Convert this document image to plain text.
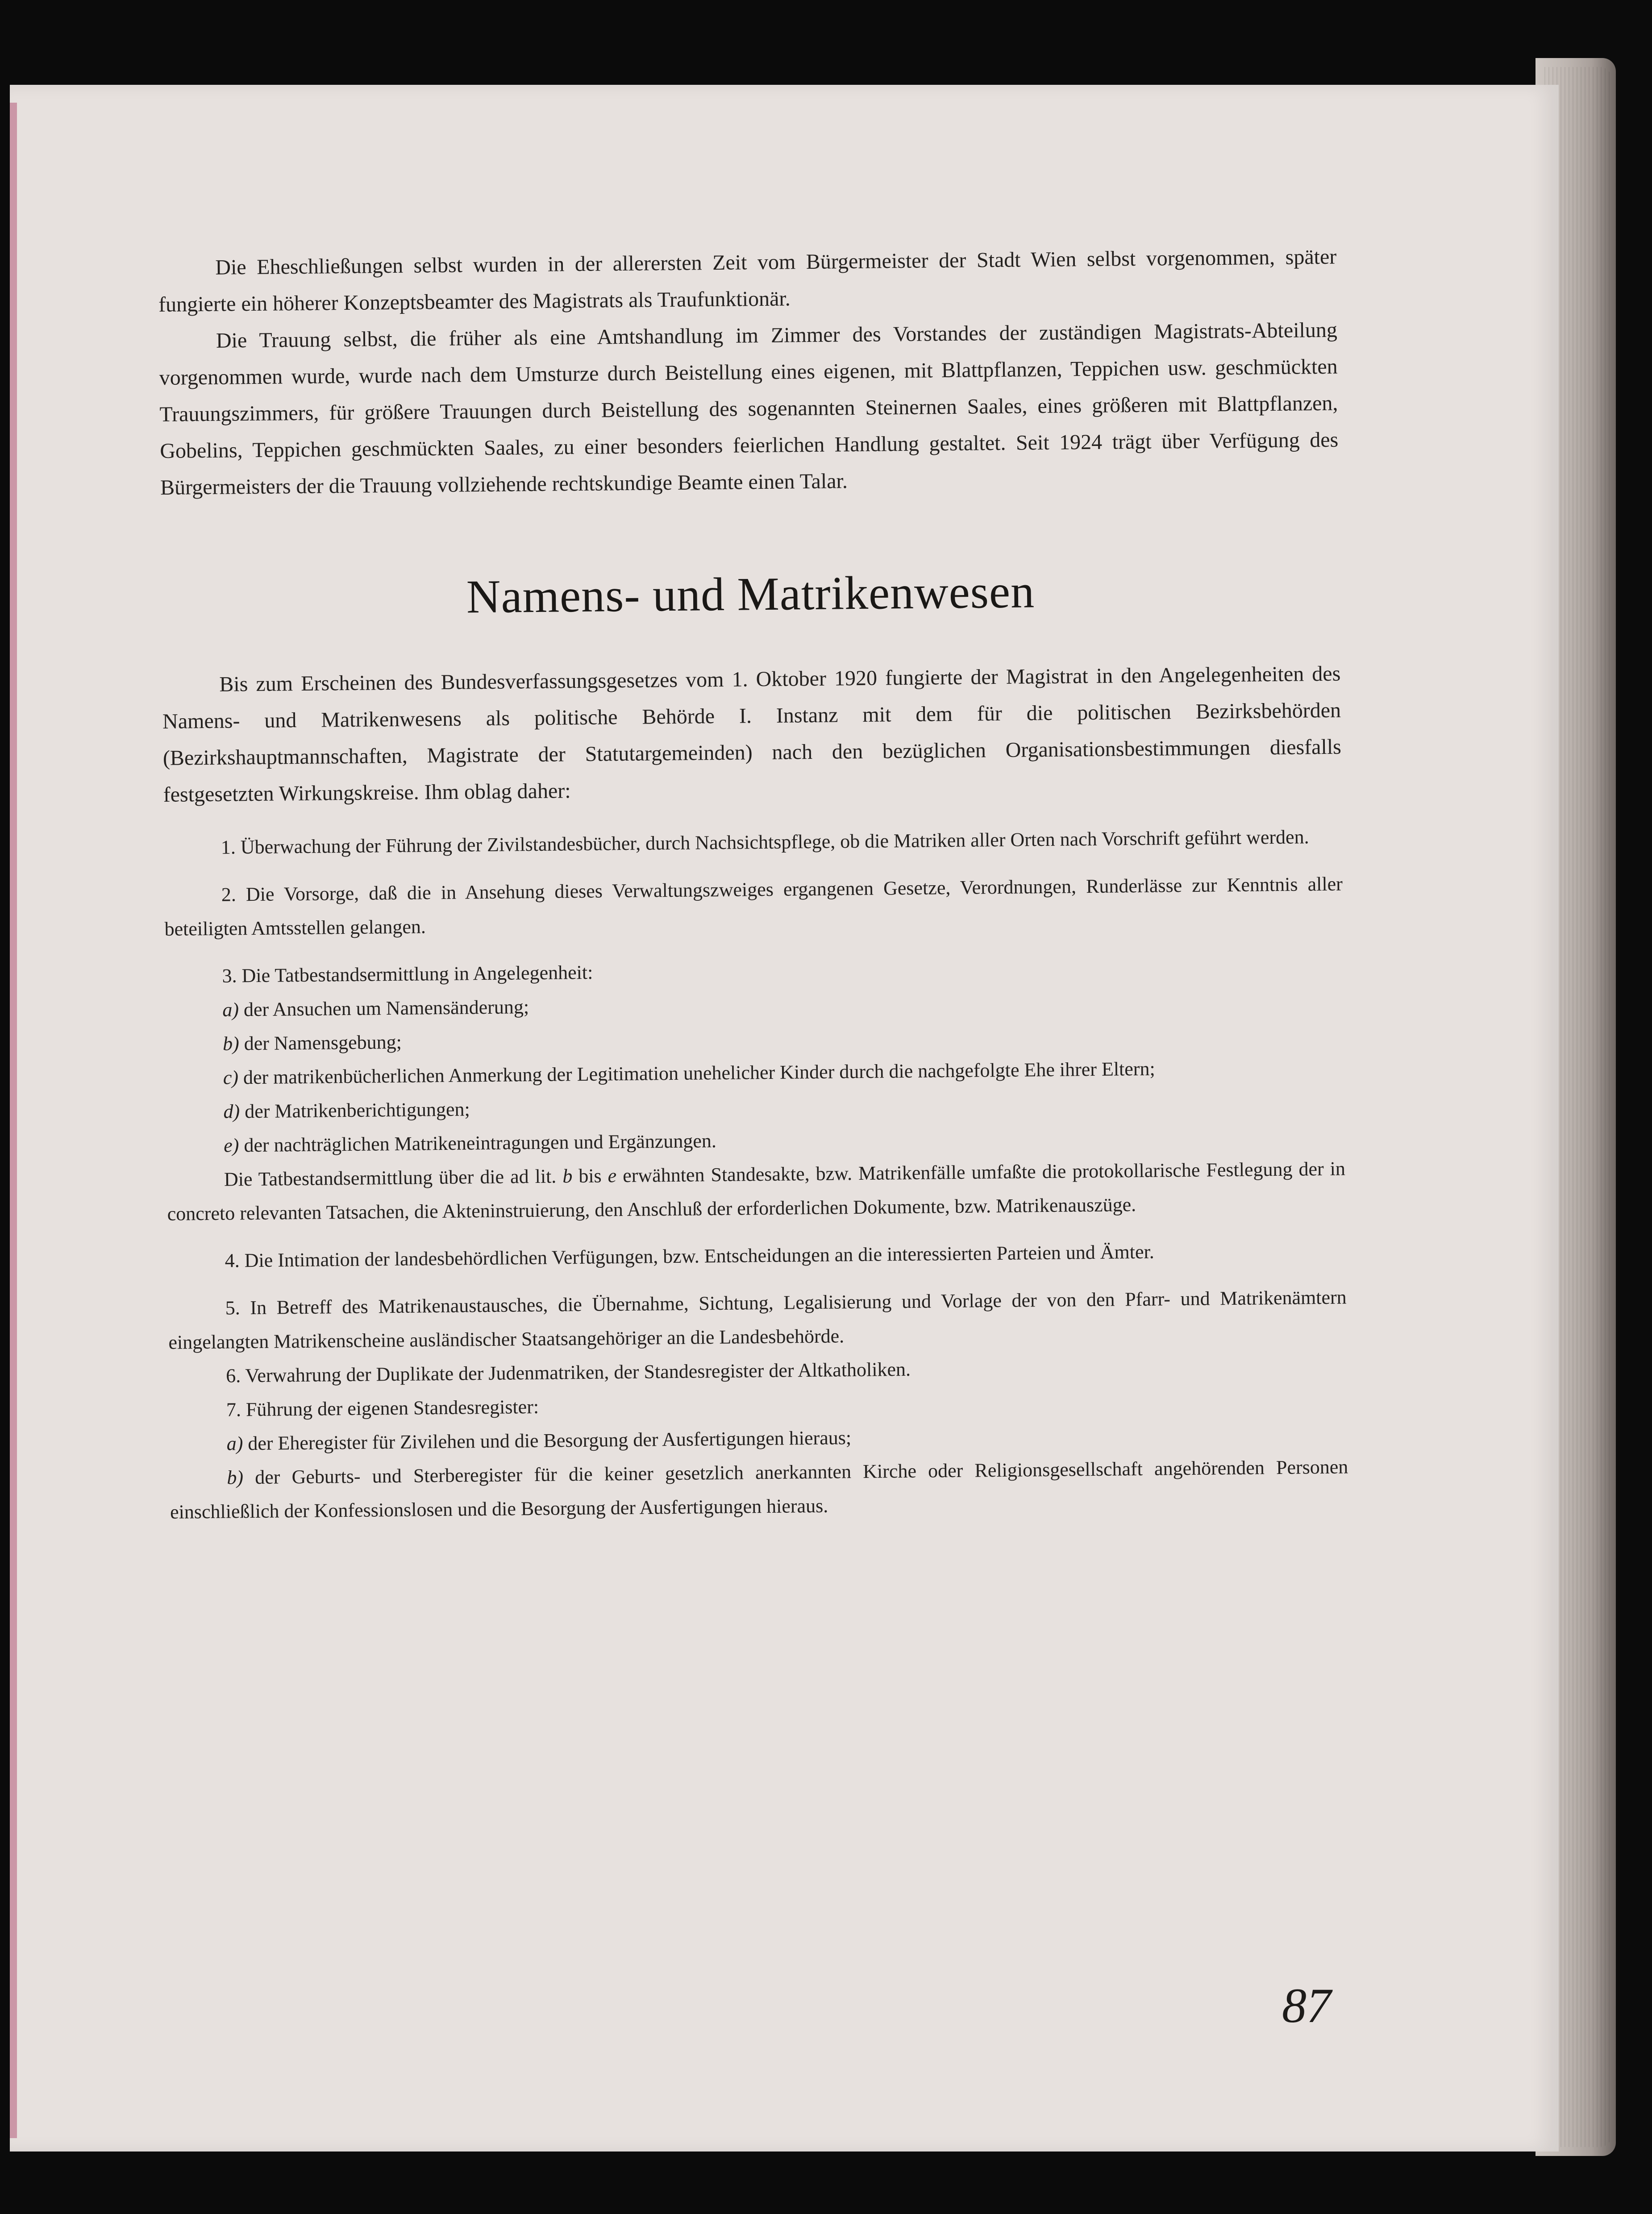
Die Eheschließungen selbst wurden in der allerersten Zeit vom Bürgermeister der Stadt Wien selbst vorgenommen, später fungierte ein höherer Konzeptsbeamter des Magistrats als Traufunktionär.

Die Trauung selbst, die früher als eine Amtshandlung im Zimmer des Vorstandes der zuständigen Magistrats-Abteilung vorgenommen wurde, wurde nach dem Umsturze durch Beistellung eines eigenen, mit Blattpflanzen, Teppichen usw. geschmückten Trauungszimmers, für größere Trauungen durch Beistellung des sogenannten Steinernen Saales, eines größeren mit Blattpflanzen, Gobelins, Teppichen geschmückten Saales, zu einer besonders feierlichen Handlung gestaltet. Seit 1924 trägt über Verfügung des Bürgermeisters der die Trauung vollziehende rechtskundige Beamte einen Talar.

Namens- und Matrikenwesen

Bis zum Erscheinen des Bundesverfassungsgesetzes vom 1. Oktober 1920 fungierte der Magistrat in den Angelegenheiten des Namens- und Matrikenwesens als politische Behörde I. Instanz mit dem für die politischen Bezirksbehörden (Bezirkshauptmannschaften, Magistrate der Statutargemeinden) nach den bezüglichen Organisationsbestimmungen diesfalls festgesetzten Wirkungskreise. Ihm oblag daher:

1. Überwachung der Führung der Zivilstandesbücher, durch Nachsichtspflege, ob die Matriken aller Orten nach Vorschrift geführt werden.

2. Die Vorsorge, daß die in Ansehung dieses Verwaltungszweiges ergangenen Gesetze, Verordnungen, Runderlässe zur Kenntnis aller beteiligten Amtsstellen gelangen.

3. Die Tatbestandsermittlung in Angelegenheit:

a) der Ansuchen um Namensänderung;

b) der Namensgebung;

c) der matrikenbücherlichen Anmerkung der Legitimation unehelicher Kinder durch die nachgefolgte Ehe ihrer Eltern;

d) der Matrikenberichtigungen;

e) der nachträglichen Matrikeneintragungen und Ergänzungen.

Die Tatbestandsermittlung über die ad lit. b bis e erwähnten Standesakte, bzw. Matrikenfälle umfaßte die protokollarische Festlegung der in concreto relevanten Tatsachen, die Akteninstruierung, den Anschluß der erforderlichen Dokumente, bzw. Matrikenauszüge.

4. Die Intimation der landesbehördlichen Verfügungen, bzw. Entscheidungen an die interessierten Parteien und Ämter.

5. In Betreff des Matrikenaustausches, die Übernahme, Sichtung, Legalisierung und Vorlage der von den Pfarr- und Matrikenämtern eingelangten Matrikenscheine ausländischer Staatsangehöriger an die Landesbehörde.

6. Verwahrung der Duplikate der Judenmatriken, der Standesregister der Altkatholiken.

7. Führung der eigenen Standesregister:

a) der Eheregister für Zivilehen und die Besorgung der Ausfertigungen hieraus;

b) der Geburts- und Sterberegister für die keiner gesetzlich anerkannten Kirche oder Religionsgesellschaft angehörenden Personen einschließlich der Konfessionslosen und die Besorgung der Ausfertigungen hieraus.

87
